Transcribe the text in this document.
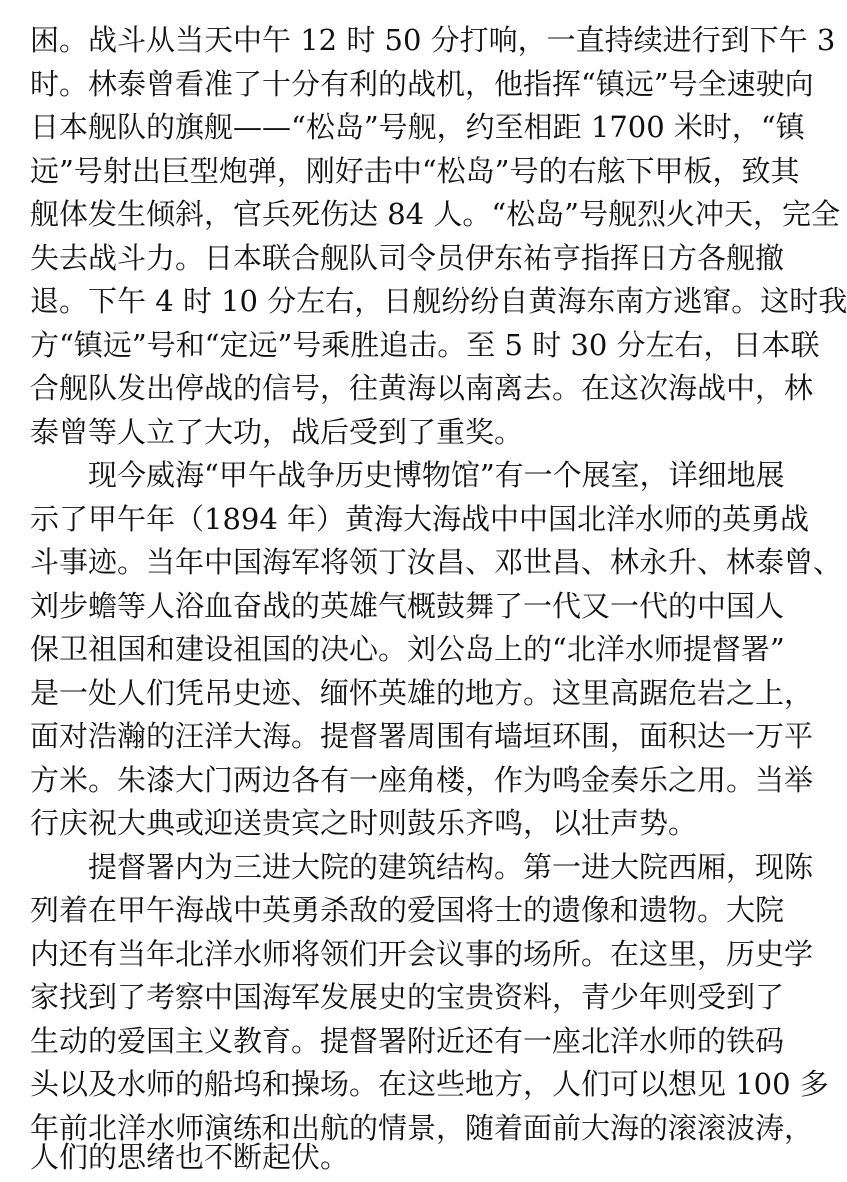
困。战斗从当天中午 12 时 50 分打响，一直持续进行到下午 3
时。林泰曾看准了十分有利的战机，他指挥“镇远”号全速驶向
日本舰队的旗舰——“松岛”号舰，约至相距 1700 米时，“镇
远”号射出巨型炮弹，刚好击中“松岛”号的右舷下甲板，致其
舰体发生倾斜，官兵死伤达 84 人。“松岛”号舰烈火冲天，完全
失去战斗力。日本联合舰队司令员伊东祐亨指挥日方各舰撤
退。下午 4 时 10 分左右，日舰纷纷自黄海东南方逃窜。这时我
方“镇远”号和“定远”号乘胜追击。至 5 时 30 分左右，日本联
合舰队发出停战的信号，往黄海以南离去。在这次海战中，林
泰曾等人立了大功，战后受到了重奖。
　　现今威海“甲午战争历史博物馆”有一个展室，详细地展
示了甲午年（1894 年）黄海大海战中中国北洋水师的英勇战
斗事迹。当年中国海军将领丁汝昌、邓世昌、林永升、林泰曾、
刘步蟾等人浴血奋战的英雄气概鼓舞了一代又一代的中国人
保卫祖国和建设祖国的决心。刘公岛上的“北洋水师提督署”
是一处人们凭吊史迹、缅怀英雄的地方。这里高踞危岩之上，
面对浩瀚的汪洋大海。提督署周围有墙垣环围，面积达一万平
方米。朱漆大门两边各有一座角楼，作为鸣金奏乐之用。当举
行庆祝大典或迎送贵宾之时则鼓乐齐鸣，以壮声势。
　　提督署内为三进大院的建筑结构。第一进大院西厢，现陈
列着在甲午海战中英勇杀敌的爱国将士的遗像和遗物。大院
内还有当年北洋水师将领们开会议事的场所。在这里，历史学
家找到了考察中国海军发展史的宝贵资料，青少年则受到了
生动的爱国主义教育。提督署附近还有一座北洋水师的铁码
头以及水师的船坞和操场。在这些地方，人们可以想见 100 多
年前北洋水师演练和出航的情景，随着面前大海的滚滚波涛，
人们的思绪也不断起伏。
